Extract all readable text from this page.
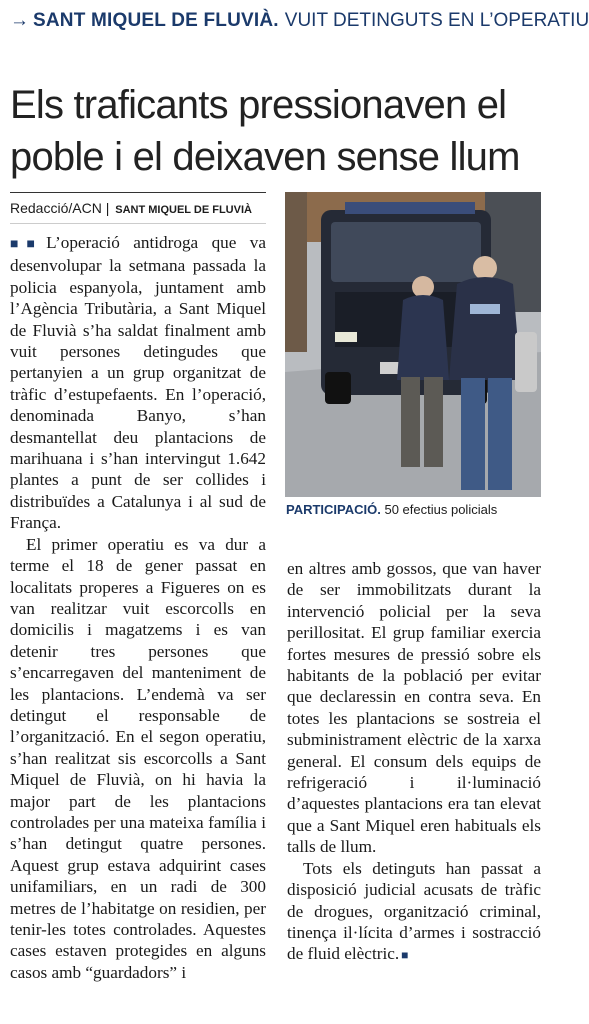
→ SANT MIQUEL DE FLUVIÀ. VUIT DETINGUTS EN L’OPERATIU
Els traficants pressionaven el
poble i el deixaven sense llum
Redacció/ACN | SANT MIQUEL DE FLUVIÀ

■■ L’operació antidroga que va desenvolupar la setmana passada la policia espanyola, juntament amb l’Agència Tributària, a Sant Miquel de Fluvià s’ha saldat finalment amb vuit persones detingudes que pertanyien a un grup organitzat de tràfic d’estupefaents. En l’operació, denominada Banyo, s’han desmantellat deu plantacions de marihuana i s’han intervingut 1.642 plantes a punt de ser collides i distribuïdes a Catalunya i al sud de França.

El primer operatiu es va dur a terme el 18 de gener passat en localitats properes a Figueres on es van realitzar vuit escorcolls en domicilis i magatzems i es van detenir tres persones que s’encarregaven del manteniment de les plantacions. L’endemà va ser detingut el responsable de l’organització. En el segon operatiu, s’han realitzat sis escorcolls a Sant Miquel de Fluvià, on hi havia la major part de les plantacions controlades per una mateixa família i s’han detingut quatre persones. Aquest grup estava adquirint cases unifamiliars, en un radi de 300 metres de l’habitatge on residien, per tenir-les totes controlades. Aquestes cases estaven protegides en alguns casos amb “guardadors” i

PARTICIPACIÓ. 50 efectius policials

en altres amb gossos, que van haver de ser immobilitzats durant la intervenció policial per la seva perillositat. El grup familiar exercia fortes mesures de pressió sobre els habitants de la població per evitar que declaressin en contra seva. En totes les plantacions se sostreia el subministrament elèctric de la xarxa general. El consum dels equips de refrigeració i il·luminació d’aquestes plantacions era tan elevat que a Sant Miquel eren habituals els talls de llum.

Tots els detinguts han passat a disposició judicial acusats de tràfic de drogues, organització criminal, tinença il·lícita d’armes i sostracció de fluid elèctric. ■
